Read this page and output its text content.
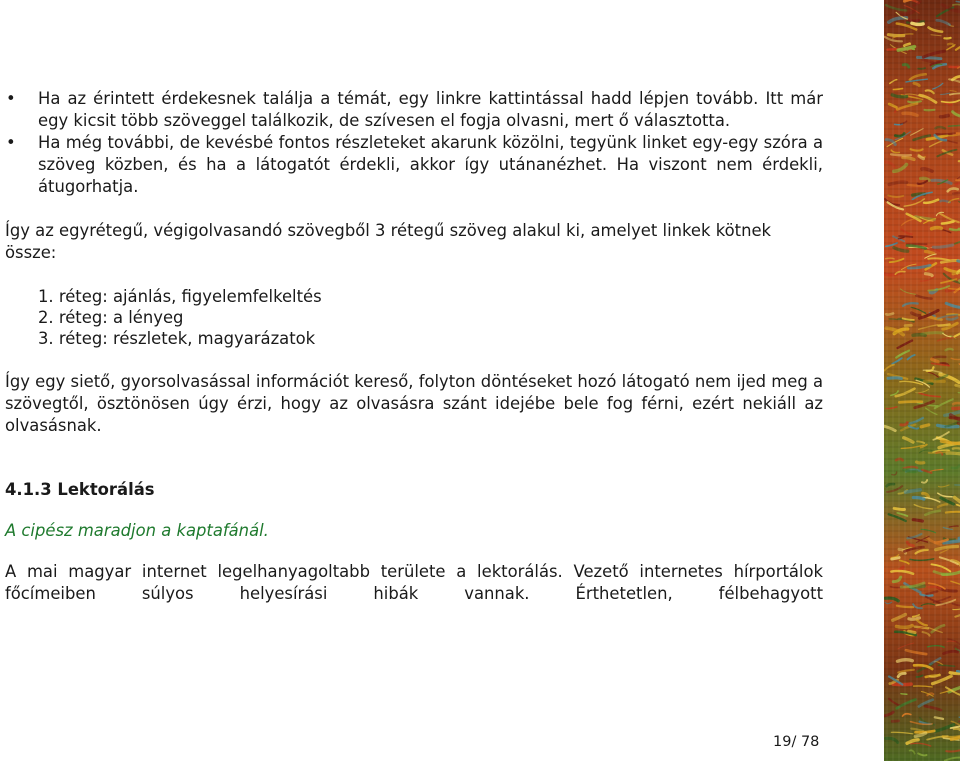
• Ha az érintett érdekesnek találja a témát, egy linkre kattintással hadd lépjen tovább. Itt már egy kicsit több szöveggel találkozik, de szívesen el fogja olvasni, mert ő választotta.
• Ha még további, de kevésbé fontos részleteket akarunk közölni, tegyünk linket egy-egy szóra a szöveg közben, és ha a látogatót érdekli, akkor így utánanézhet. Ha viszont nem érdekli, átugorhatja.

Így az egyrétegű, végigolvasandó szövegből 3 rétegű szöveg alakul ki, amelyet linkek kötnek össze:

1. réteg: ajánlás, figyelemfelkeltés
2. réteg: a lényeg
3. réteg: részletek, magyarázatok

Így egy siető, gyorsolvasással információt kereső, folyton döntéseket hozó látogató nem ijed meg a szövegtől, ösztönösen úgy érzi, hogy az olvasásra szánt idejébe bele fog férni, ezért nekiáll az olvasásnak.

4.1.3 Lektorálás

A cipész maradjon a kaptafánál.

A mai magyar internet legelhanyagoltabb területe a lektorálás. Vezető internetes hírportálok főcímeiben súlyos helyesírási hibák vannak. Érthetetlen, félbehagyott

19/ 78
